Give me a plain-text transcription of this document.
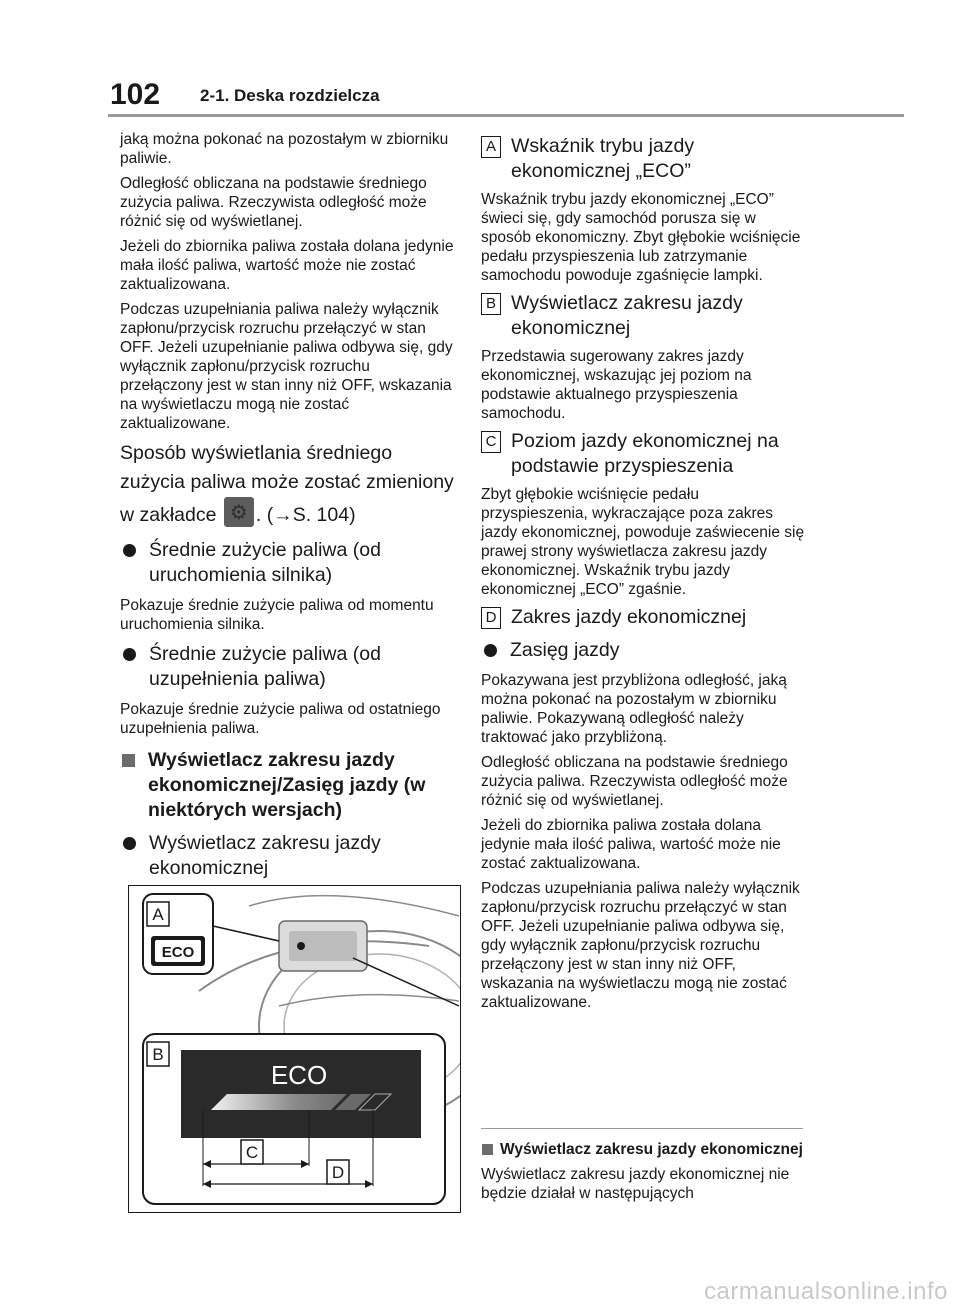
102 2-1. Deska rozdzielcza

jaką można pokonać na pozostałym w zbiorniku paliwie.

Odległość obliczana na podstawie średniego zużycia paliwa. Rzeczywista odległość może różnić się od wyświetlanej.

Jeżeli do zbiornika paliwa została dolana jedynie mała ilość paliwa, wartość może nie zostać zaktualizowana.

Podczas uzupełniania paliwa należy wyłącznik zapłonu/przycisk rozruchu przełączyć w stan OFF. Jeżeli uzupełnianie paliwa odbywa się, gdy wyłącznik zapłonu/przycisk rozruchu przełączony jest w stan inny niż OFF, wskazania na wyświetlaczu mogą nie zostać zaktualizowane.

Sposób wyświetlania średniego zużycia paliwa może zostać zmieniony w zakładce ⚙ . (→S. 104)

Średnie zużycie paliwa (od uruchomienia silnika)

Pokazuje średnie zużycie paliwa od momentu uruchomienia silnika.

Średnie zużycie paliwa (od uzupełnienia paliwa)

Pokazuje średnie zużycie paliwa od ostatniego uzupełnienia paliwa.

Wyświetlacz zakresu jazdy ekonomicznej/Zasięg jazdy (w niektórych wersjach)
Wyświetlacz zakresu jazdy ekonomicznej
A
ECO
B
ECO
C
D
A Wskaźnik trybu jazdy ekonomicznej „ECO”

Wskaźnik trybu jazdy ekonomicznej „ECO” świeci się, gdy samochód porusza się w sposób ekonomiczny. Zbyt głębokie wciśnięcie pedału przyspieszenia lub zatrzymanie samochodu powoduje zgaśnięcie lampki.

B Wyświetlacz zakresu jazdy ekonomicznej

Przedstawia sugerowany zakres jazdy ekonomicznej, wskazując jej poziom na podstawie aktualnego przyspieszenia samochodu.

C Poziom jazdy ekonomicznej na podstawie przyspieszenia

Zbyt głębokie wciśnięcie pedału przyspieszenia, wykraczające poza zakres jazdy ekonomicznej, powoduje zaświecenie się prawej strony wyświetlacza zakresu jazdy ekonomicznej. Wskaźnik trybu jazdy ekonomicznej „ECO” zgaśnie.

D Zakres jazdy ekonomicznej
Zasięg jazdy

Pokazywana jest przybliżona odległość, jaką można pokonać na pozostałym w zbiorniku paliwie. Pokazywaną odległość należy traktować jako przybliżoną.

Odległość obliczana na podstawie średniego zużycia paliwa. Rzeczywista odległość może różnić się od wyświetlanej.

Jeżeli do zbiornika paliwa została dolana jedynie mała ilość paliwa, wartość może nie zostać zaktualizowana.

Podczas uzupełniania paliwa należy wyłącznik zapłonu/przycisk rozruchu przełączyć w stan OFF. Jeżeli uzupełnianie paliwa odbywa się, gdy wyłącznik zapłonu/przycisk rozruchu przełączony jest w stan inny niż OFF, wskazania na wyświetlaczu mogą nie zostać zaktualizowane.

Wyświetlacz zakresu jazdy ekonomicznej

Wyświetlacz zakresu jazdy ekonomicznej nie będzie działał w następujących

carmanualsonline.info
